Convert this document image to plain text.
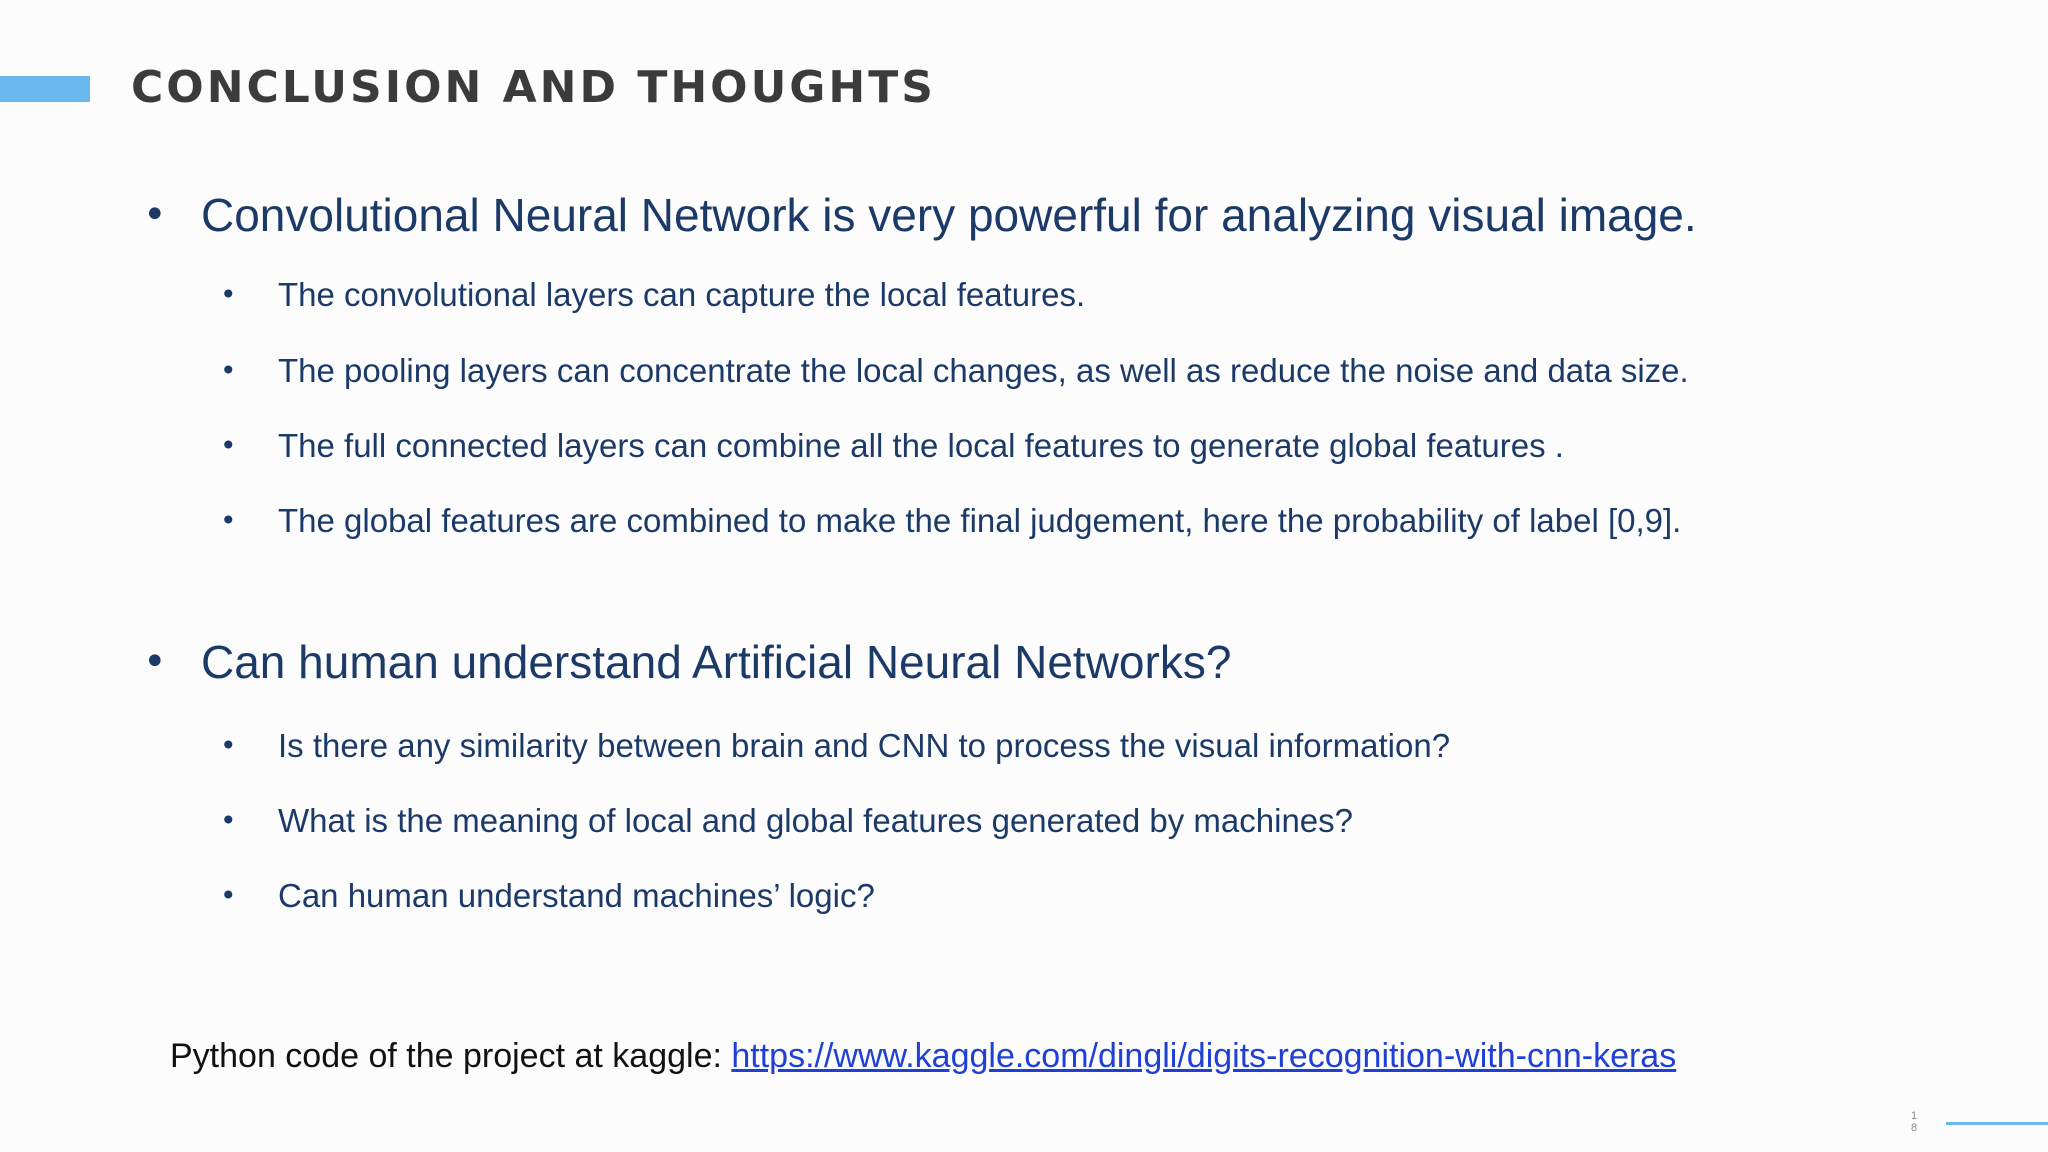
CONCLUSION AND THOUGHTS
• Convolutional Neural Network is very powerful for analyzing visual image.
• The convolutional layers can capture the local features.
• The pooling layers can concentrate the local changes, as well as reduce the noise and data size.
• The full connected layers can combine all the local features to generate global features .
• The global features are combined to make the final judgement, here the probability of label [0,9].
• Can human understand Artificial Neural Networks?
• Is there any similarity between brain and CNN to process the visual information?
• What is the meaning of local and global features generated by machines?
• Can human understand machines’ logic?
Python code of the project at kaggle: https://www.kaggle.com/dingli/digits-recognition-with-cnn-keras
18
